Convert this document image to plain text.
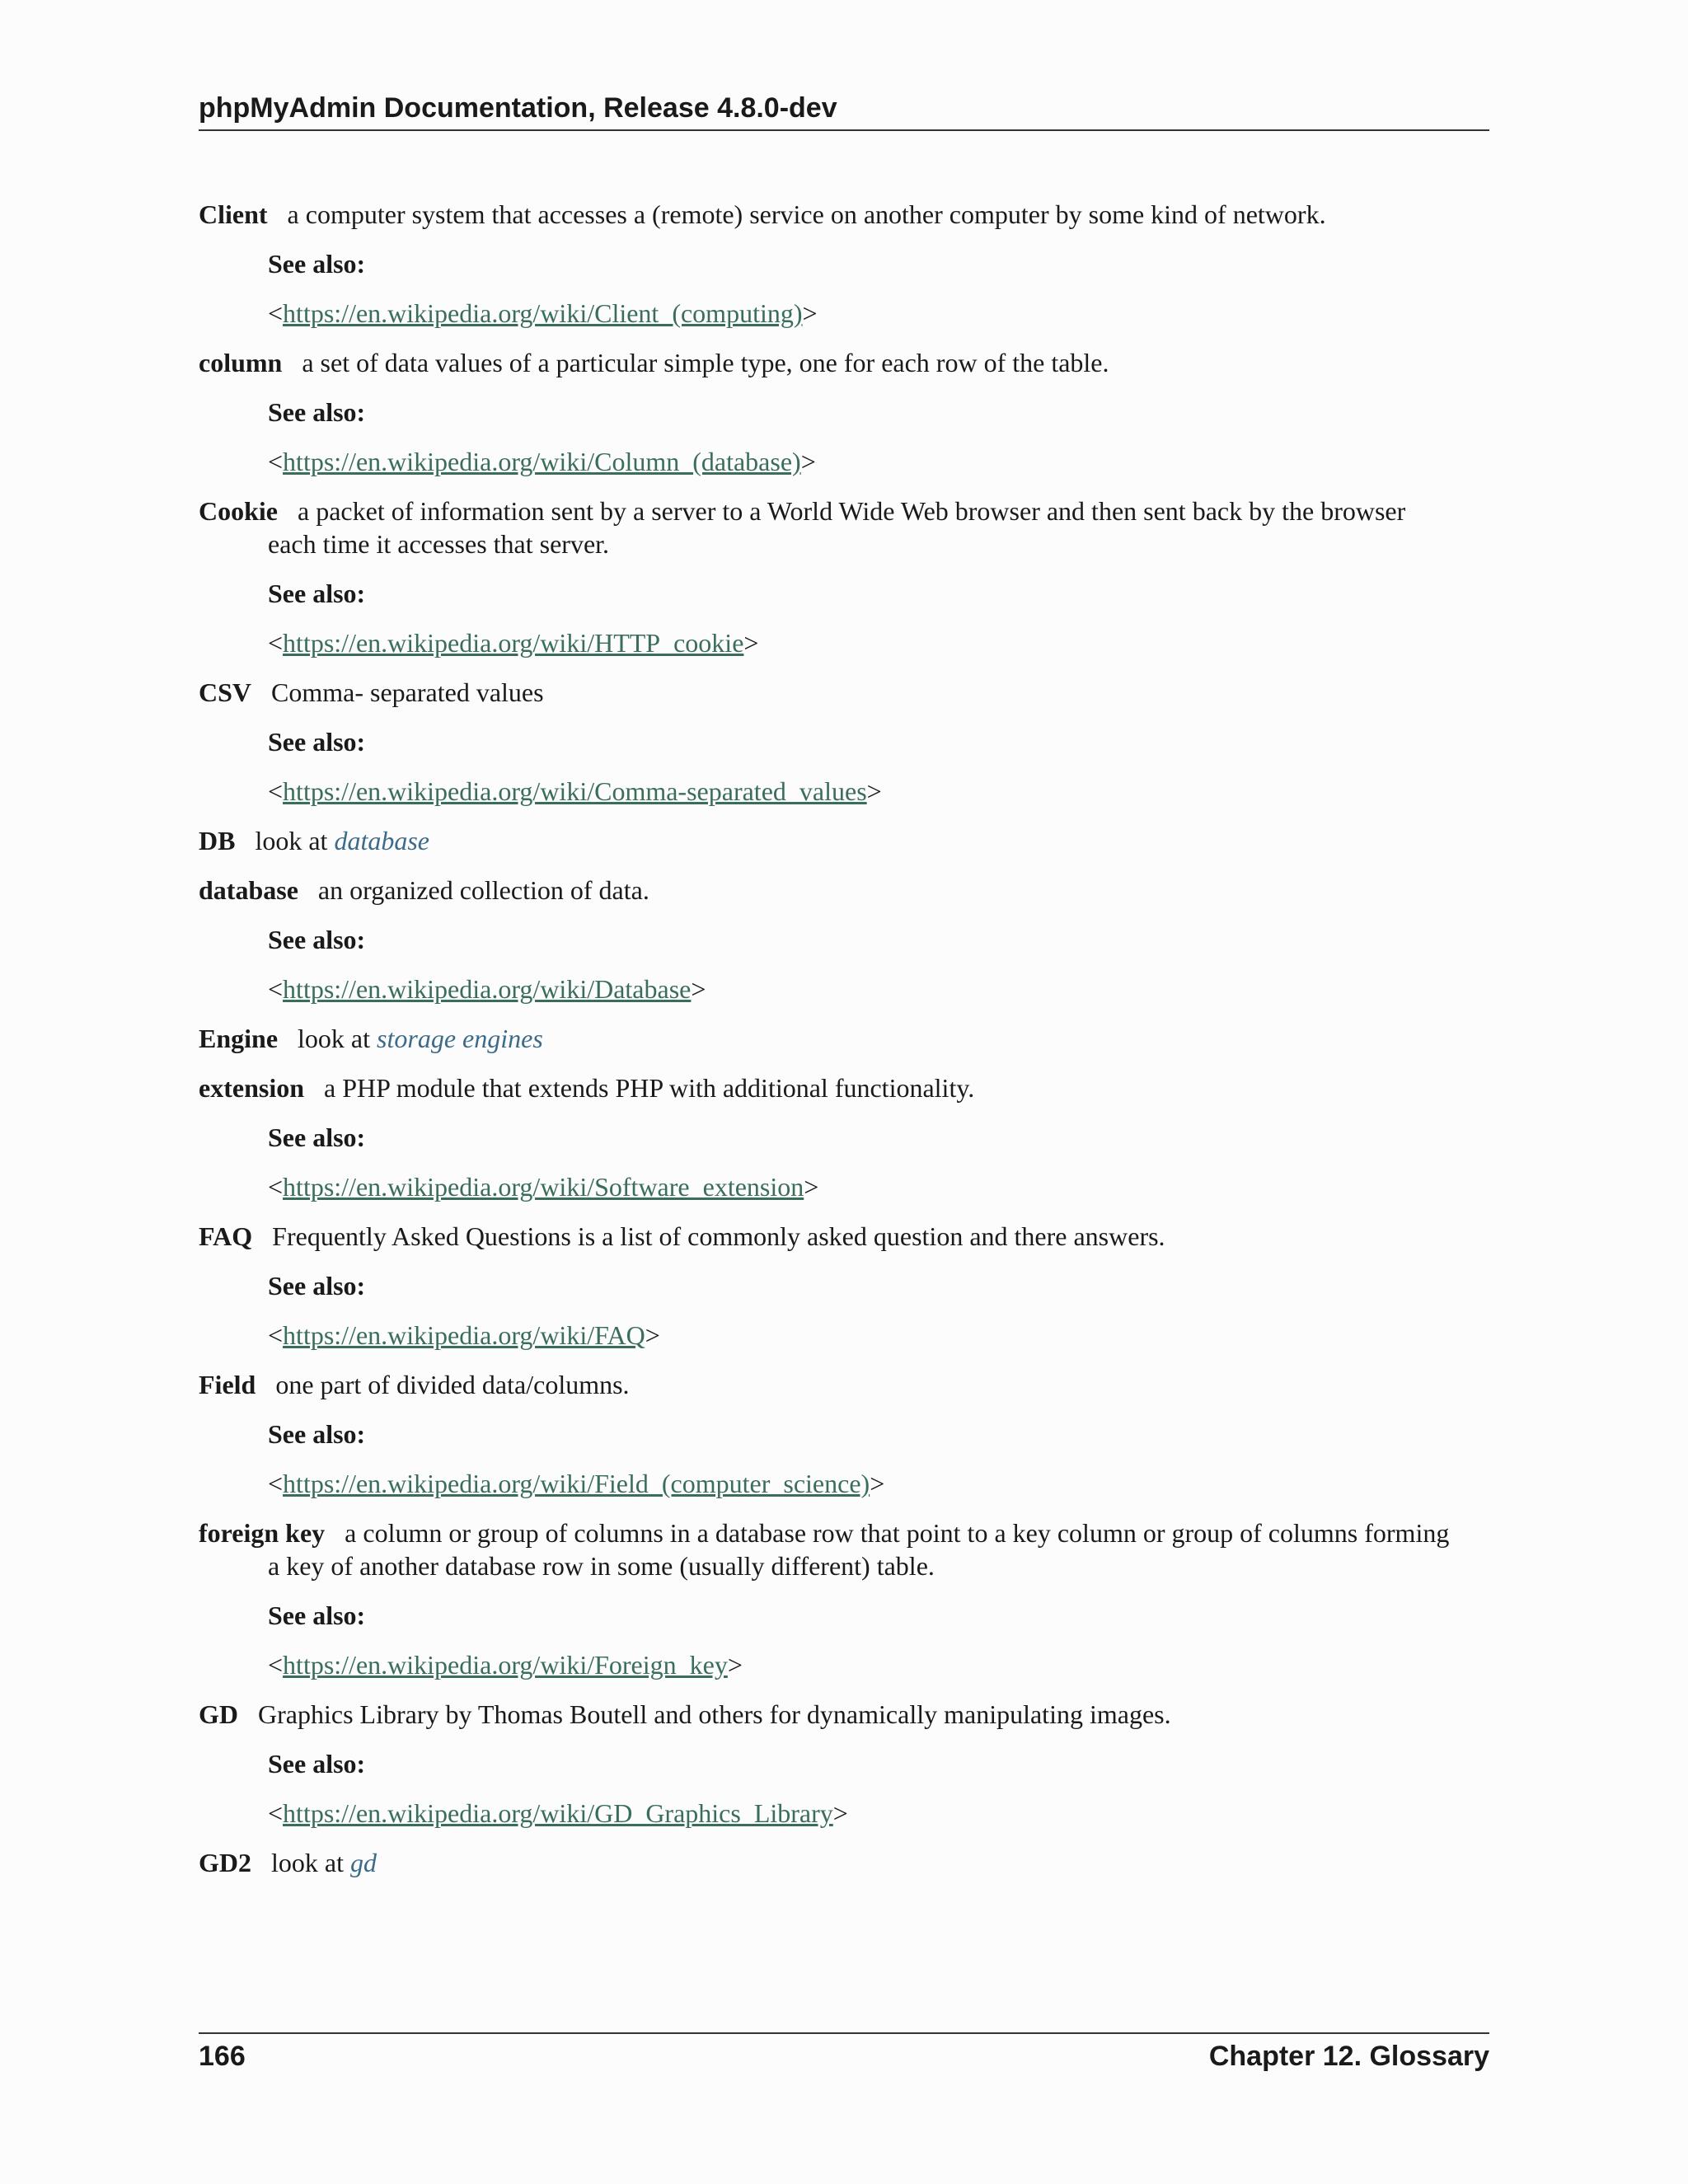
phpMyAdmin Documentation, Release 4.8.0-dev
Client a computer system that accesses a (remote) service on another computer by some kind of network.
See also:
<https://en.wikipedia.org/wiki/Client_(computing)>
column a set of data values of a particular simple type, one for each row of the table.
See also:
<https://en.wikipedia.org/wiki/Column_(database)>
Cookie a packet of information sent by a server to a World Wide Web browser and then sent back by the browser
each time it accesses that server.
See also:
<https://en.wikipedia.org/wiki/HTTP_cookie>
CSV Comma- separated values
See also:
<https://en.wikipedia.org/wiki/Comma-separated_values>
DB look at database
database an organized collection of data.
See also:
<https://en.wikipedia.org/wiki/Database>
Engine look at storage engines
extension a PHP module that extends PHP with additional functionality.
See also:
<https://en.wikipedia.org/wiki/Software_extension>
FAQ Frequently Asked Questions is a list of commonly asked question and there answers.
See also:
<https://en.wikipedia.org/wiki/FAQ>
Field one part of divided data/columns.
See also:
<https://en.wikipedia.org/wiki/Field_(computer_science)>
foreign key a column or group of columns in a database row that point to a key column or group of columns forming
a key of another database row in some (usually different) table.
See also:
<https://en.wikipedia.org/wiki/Foreign_key>
GD Graphics Library by Thomas Boutell and others for dynamically manipulating images.
See also:
<https://en.wikipedia.org/wiki/GD_Graphics_Library>
GD2 look at gd
166	Chapter 12. Glossary
